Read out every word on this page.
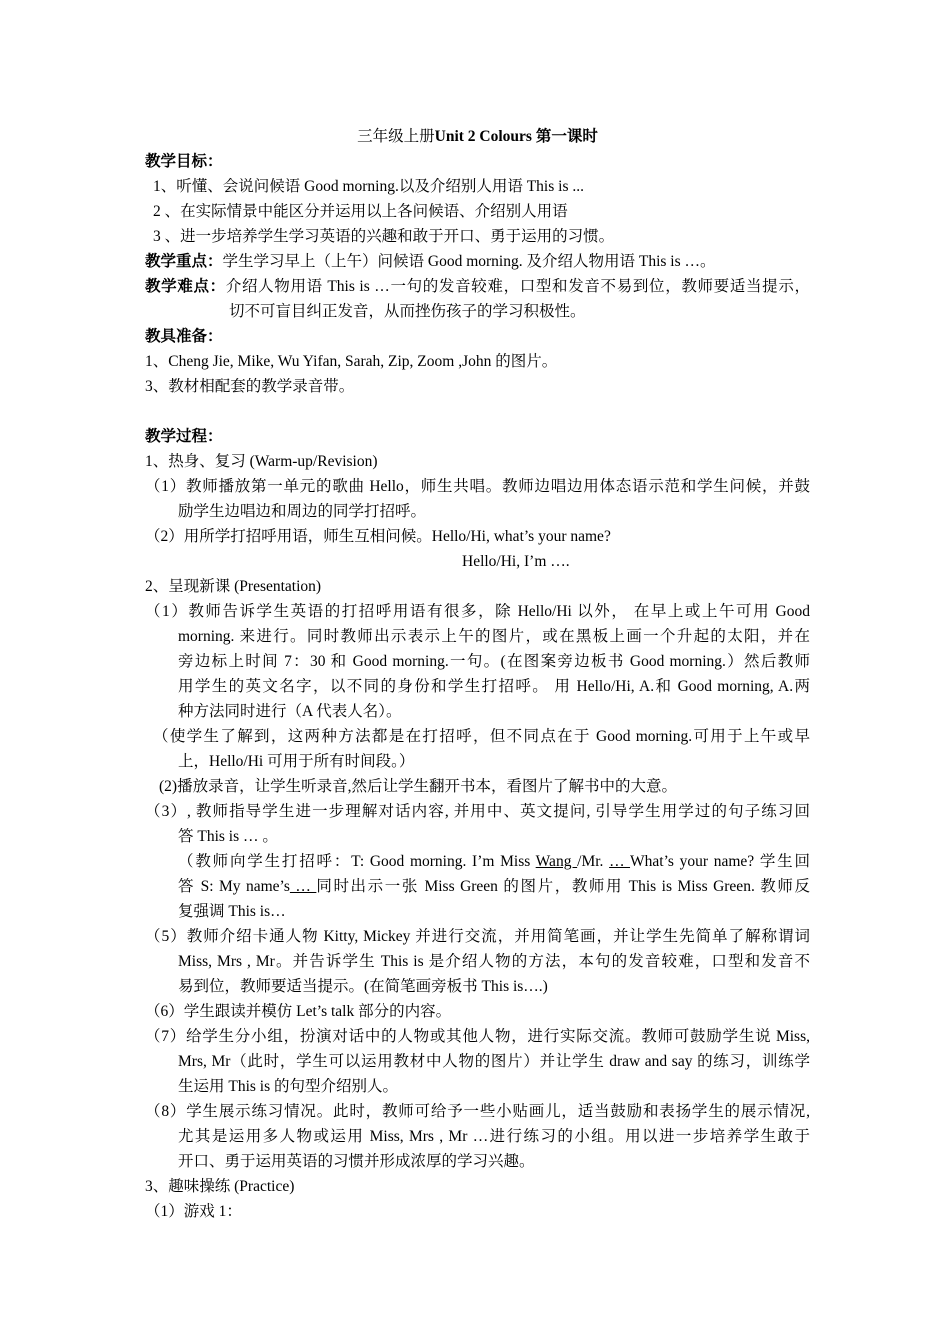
三年级上册Unit 2 Colours 第一课时
教学目标：
1、听懂、会说问候语 Good morning.以及介绍别人用语 This is ...
2 、在实际情景中能区分并运用以上各问候语、介绍别人用语
3 、进一步培养学生学习英语的兴趣和敢于开口、勇于运用的习惯。
教学重点：学生学习早上（上午）问候语 Good morning. 及介绍人物用语 This is …。
教学难点：介绍人物用语 This is …一句的发音较难，口型和发音不易到位，教师要适当提示，
切不可盲目纠正发音，从而挫伤孩子的学习积极性。
教具准备：
1、Cheng Jie, Mike, Wu Yifan, Sarah, Zip, Zoom ,John 的图片。
3、教材相配套的教学录音带。
教学过程：
1、热身、复习 (Warm-up/Revision)
（1）教师播放第一单元的歌曲 Hello，师生共唱。教师边唱边用体态语示范和学生问候，并鼓
励学生边唱边和周边的同学打招呼。
（2）用所学打招呼用语，师生互相问候。Hello/Hi, what’s your name?
Hello/Hi, I’m ….
2、呈现新课 (Presentation)
（1）教师告诉学生英语的打招呼用语有很多，除 Hello/Hi 以外， 在早上或上午可用 Good
morning. 来进行。同时教师出示表示上午的图片，或在黑板上画一个升起的太阳，并在
旁边标上时间 7：30 和 Good morning.一句。(在图案旁边板书 Good morning.）然后教师
用学生的英文名字，以不同的身份和学生打招呼。 用 Hello/Hi, A.和 Good morning, A.两
种方法同时进行（A 代表人名）。
（使学生了解到，这两种方法都是在打招呼，但不同点在于 Good morning.可用于上午或早
上，Hello/Hi 可用于所有时间段。）
(2)播放录音，让学生听录音,然后让学生翻开书本，看图片了解书中的大意。
（3）, 教师指导学生进一步理解对话内容, 并用中、英文提问, 引导学生用学过的句子练习回
答 This is … 。
（教师向学生打招呼：T: Good morning. I’m Miss Wang /Mr. … What’s your name? 学生回
答 S: My name’s … 同时出示一张 Miss Green 的图片，教师用 This is Miss Green. 教师反
复强调 This is…
（5）教师介绍卡通人物 Kitty, Mickey 并进行交流，并用简笔画，并让学生先简单了解称谓词
Miss, Mrs , Mr。并告诉学生 This is 是介绍人物的方法，本句的发音较难，口型和发音不
易到位，教师要适当提示。(在简笔画旁板书 This is….)
（6）学生跟读并模仿 Let’s talk 部分的内容。
（7）给学生分小组，扮演对话中的人物或其他人物，进行实际交流。教师可鼓励学生说 Miss,
Mrs, Mr（此时，学生可以运用教材中人物的图片）并让学生 draw and say 的练习，训练学
生运用 This is 的句型介绍别人。
（8）学生展示练习情况。此时，教师可给予一些小贴画儿，适当鼓励和表扬学生的展示情况,
尤其是运用多人物或运用 Miss, Mrs , Mr …进行练习的小组。用以进一步培养学生敢于
开口、勇于运用英语的习惯并形成浓厚的学习兴趣。
3、趣味操练 (Practice)
（1）游戏 1：
